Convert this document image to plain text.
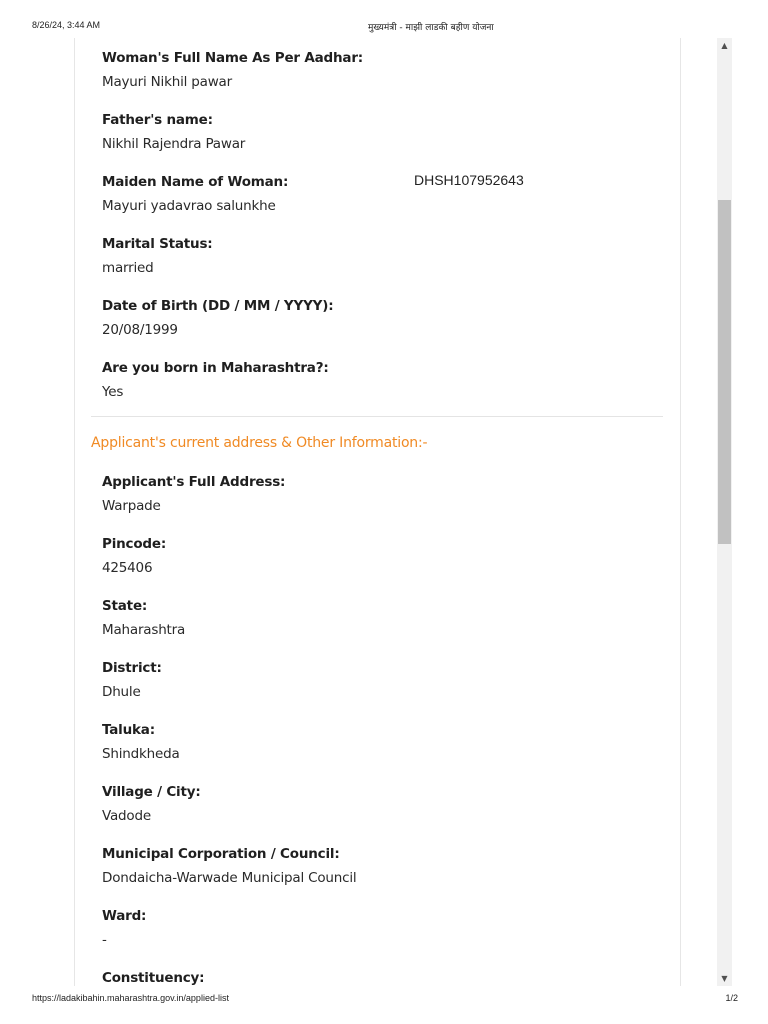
8/26/24, 3:44 AM	मुख्यमंत्री - माझी लाडकी बहीण योजना
Woman's Full Name As Per Aadhar:
Mayuri Nikhil pawar
Father's name:
Nikhil Rajendra Pawar
Maiden Name of Woman:
Mayuri yadavrao salunkhe
DHSH107952643
Marital Status:
married
Date of Birth (DD / MM / YYYY):
20/08/1999
Are you born in Maharashtra?:
Yes
Applicant's current address & Other Information:-
Applicant's Full Address:
Warpade
Pincode:
425406
State:
Maharashtra
District:
Dhule
Taluka:
Shindkheda
Village / City:
Vadode
Municipal Corporation / Council:
Dondaicha-Warwade Municipal Council
Ward:
-
Constituency:
▲
▼
https://ladakibahin.maharashtra.gov.in/applied-list	1/2
